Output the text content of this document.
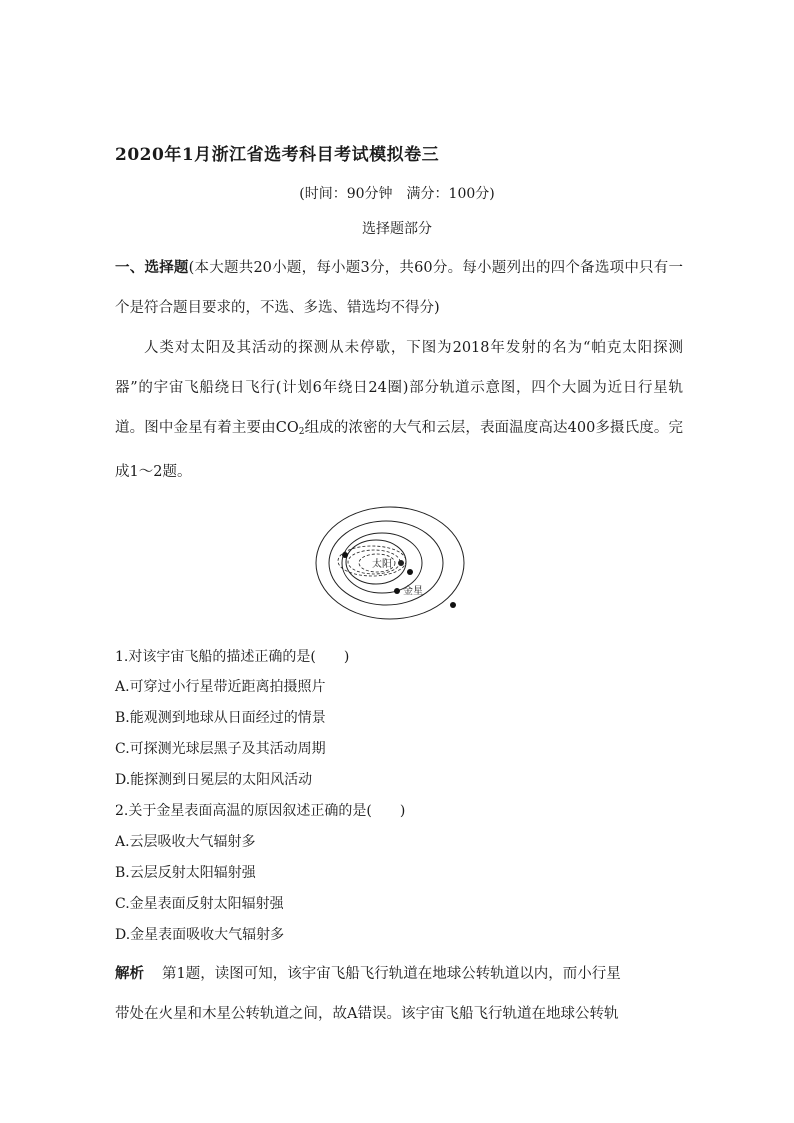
2020年1月浙江省选考科目考试模拟卷三
(时间：90分钟　满分：100分)
选择题部分
一、选择题(本大题共20小题，每小题3分，共60分。每小题列出的四个备选项中只有一个是符合题目要求的，不选、多选、错选均不得分)
人类对太阳及其活动的探测从未停歇，下图为2018年发射的名为“帕克太阳探测器”的宇宙飞船绕日飞行(计划6年绕日24圈)部分轨道示意图，四个大圆为近日行星轨道。图中金星有着主要由$CO_2$组成的浓密的大气和云层，表面温度高达400多摄氏度。完成1～2题。
太阳
金星
1.对该宇宙飞船的描述正确的是(　　)
A.可穿过小行星带近距离拍摄照片
B.能观测到地球从日面经过的情景
C.可探测光球层黑子及其活动周期
D.能探测到日冕层的太阳风活动
2.关于金星表面高温的原因叙述正确的是(　　)
A.云层吸收大气辐射多
B.云层反射太阳辐射强
C.金星表面反射太阳辐射强
D.金星表面吸收大气辐射多
解析 第1题，读图可知，该宇宙飞船飞行轨道在地球公转轨道以内，而小行星
带处在火星和木星公转轨道之间，故A错误。该宇宙飞船飞行轨道在地球公转轨
